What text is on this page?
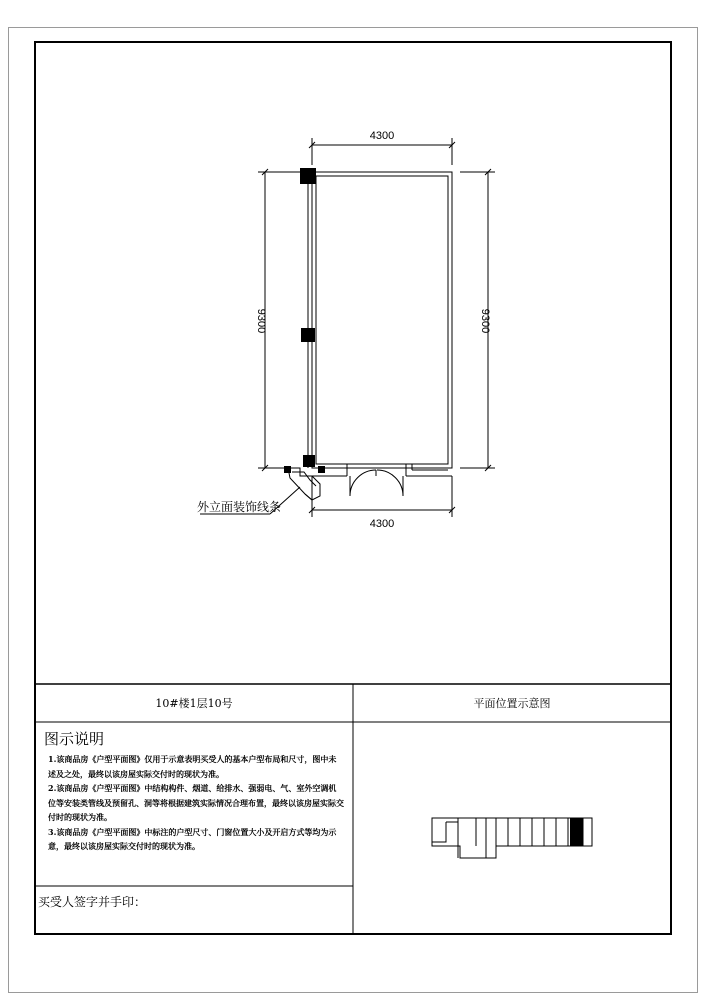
4300
4300
9300	9300
外立面装饰线条
10#楼1层10号	平面位置示意图
图示说明

1.该商品房《户型平面图》仅用于示意表明买受人的基本户型布局和尺寸，图中未述及之处，最终以该房屋实际交付时的现状为准。

2.该商品房《户型平面图》中结构构件、烟道、给排水、强弱电、气、室外空调机位等安装类管线及预留孔、洞等将根据建筑实际情况合理布置，最终以该房屋实际交付时的现状为准。

3.该商品房《户型平面图》中标注的户型尺寸、门窗位置大小及开启方式等均为示意，最终以该房屋实际交付时的现状为准。

买受人签字并手印：
